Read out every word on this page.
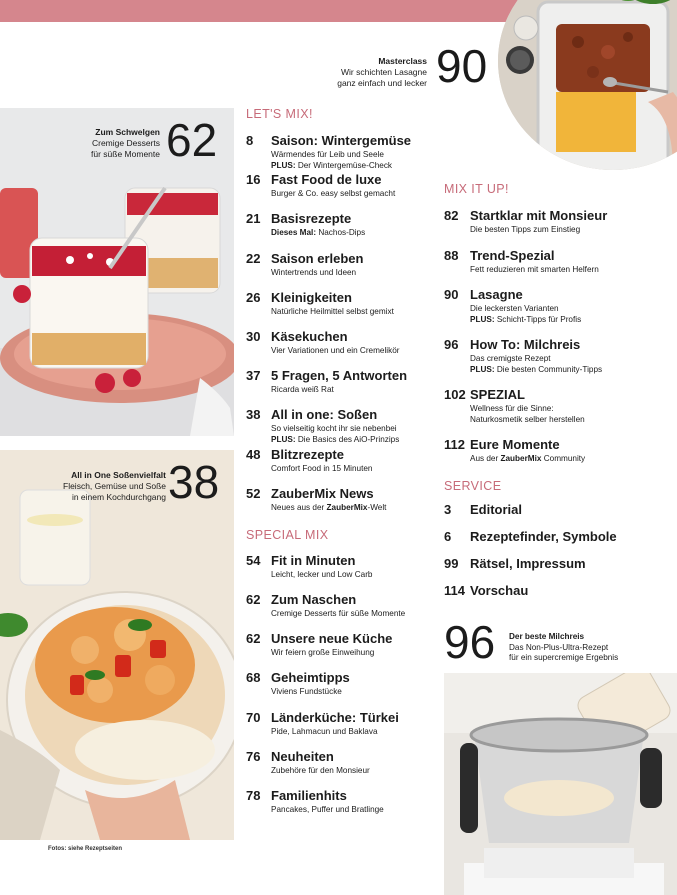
Masterclass
Wir schichten Lasagne
ganz einfach und lecker 90
Zum Schwelgen
Cremige Desserts
für süße Momente 62
All in One Soßenvielfalt
Fleisch, Gemüse und Soße
in einem Kochdurchgang 38
Fotos: siehe Rezeptseiten
LET'S MIX!
8	Saison: Wintergemüse
Wärmendes für Leib und Seele
PLUS: Der Wintergemüse-Check
16 Fast Food de luxe
Burger & Co. easy selbst gemacht
21 Basisrezepte
Dieses Mal: Nachos-Dips
22 Saison erleben
Wintertrends und Ideen
26 Kleinigkeiten
Natürliche Heilmittel selbst gemixt
30 Käsekuchen
Vier Variationen und ein Cremelikör
37 5 Fragen, 5 Antworten
Ricarda weiß Rat
38 All in one: Soßen
So vielseitig kocht ihr sie nebenbei
PLUS: Die Basics des AiO-Prinzips
48 Blitzrezepte
Comfort Food in 15 Minuten
52 ZauberMix News
Neues aus der ZauberMix-Welt
SPECIAL MIX
54 Fit in Minuten
Leicht, lecker und Low Carb
62 Zum Naschen
Cremige Desserts für süße Momente
62 Unsere neue Küche
Wir feiern große Einweihung
68 Geheimtipps
Viviens Fundstücke
70 Länderküche: Türkei
Pide, Lahmacun und Baklava
76 Neuheiten
Zubehöre für den Monsieur
78 Familienhits
Pancakes, Puffer und Bratlinge
MIX IT UP!
82 Startklar mit Monsieur
Die besten Tipps zum Einstieg
88 Trend-Spezial
Fett reduzieren mit smarten Helfern
90 Lasagne
Die leckersten Varianten
PLUS: Schicht-Tipps für Profis
96 How To: Milchreis
Das cremigste Rezept
PLUS: Die besten Community-Tipps
102 SPEZIAL
Wellness für die Sinne:
Naturkosmetik selber herstellen
112 Eure Momente
Aus der ZauberMix Community
SERVICE
3	Editorial
6	Rezeptefinder, Symbole
99 Rätsel, Impressum
114 Vorschau
96 Der beste Milchreis
Das Non-Plus-Ultra-Rezept
für ein supercremige Ergebnis
